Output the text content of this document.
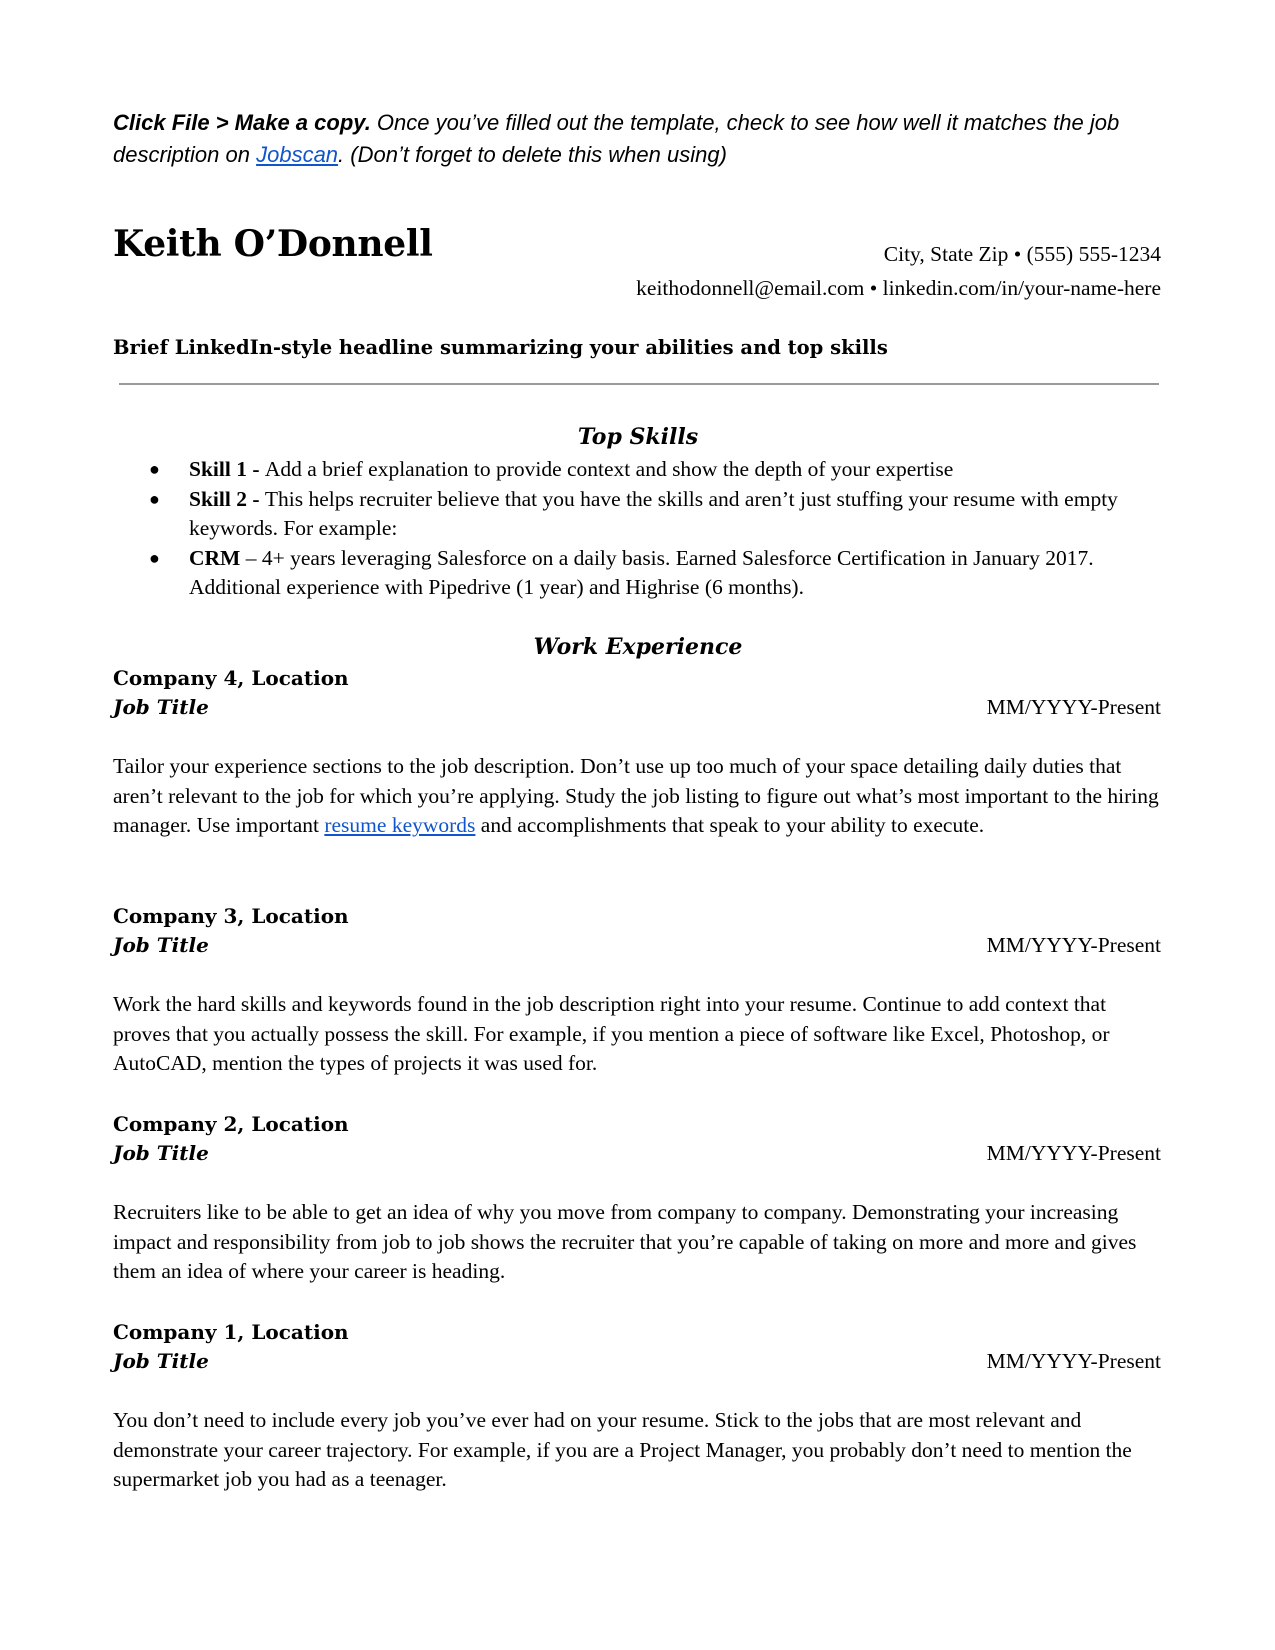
Click File > Make a copy. Once you’ve filled out the template, check to see how well it matches the job description on Jobscan. (Don’t forget to delete this when using)
Keith O’Donnell	City, State Zip • (555) 555-1234
keithodonnell@email.com • linkedin.com/in/your-name-here
Brief LinkedIn-style headline summarizing your abilities and top skills
Top Skills
● Skill 1 - Add a brief explanation to provide context and show the depth of your expertise
● Skill 2 - This helps recruiter believe that you have the skills and aren’t just stuffing your resume with empty keywords. For example:
● CRM – 4+ years leveraging Salesforce on a daily basis. Earned Salesforce Certification in January 2017. Additional experience with Pipedrive (1 year) and Highrise (6 months).
Work Experience
Company 4, Location
Job Title	MM/YYYY-Present
Tailor your experience sections to the job description. Don’t use up too much of your space detailing daily duties that aren’t relevant to the job for which you’re applying. Study the job listing to figure out what’s most important to the hiring manager. Use important resume keywords and accomplishments that speak to your ability to execute.
Company 3, Location
Job Title	MM/YYYY-Present
Work the hard skills and keywords found in the job description right into your resume. Continue to add context that proves that you actually possess the skill. For example, if you mention a piece of software like Excel, Photoshop, or AutoCAD, mention the types of projects it was used for.
Company 2, Location
Job Title	MM/YYYY-Present
Recruiters like to be able to get an idea of why you move from company to company. Demonstrating your increasing impact and responsibility from job to job shows the recruiter that you’re capable of taking on more and more and gives them an idea of where your career is heading.
Company 1, Location
Job Title	MM/YYYY-Present
You don’t need to include every job you’ve ever had on your resume. Stick to the jobs that are most relevant and demonstrate your career trajectory. For example, if you are a Project Manager, you probably don’t need to mention the supermarket job you had as a teenager.
